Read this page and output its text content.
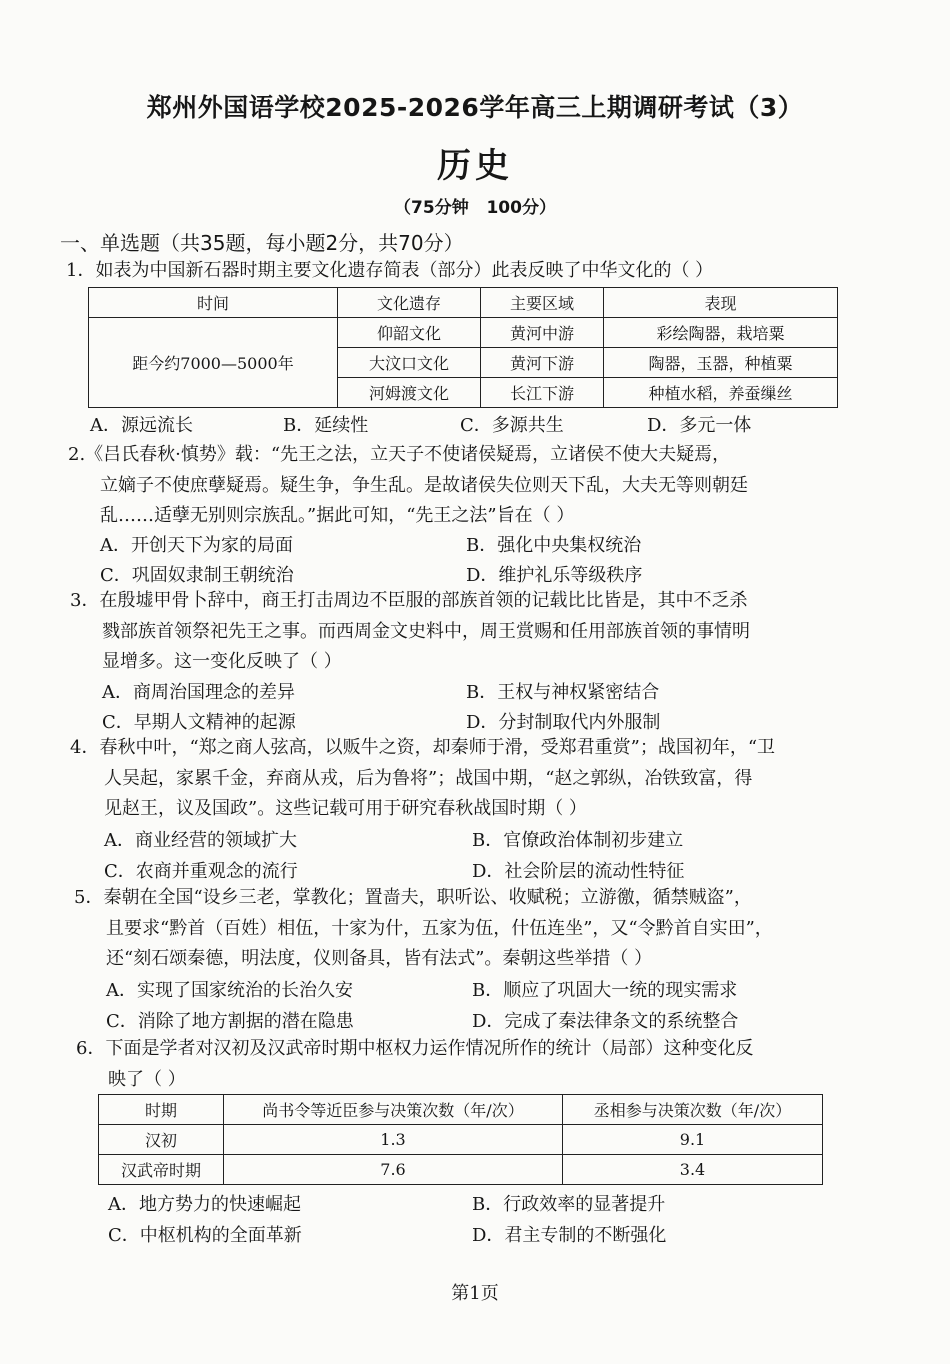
郑州外国语学校2025-2026学年高三上期调研考试（3）
历史
（75分钟   100分）
一、单选题（共35题，每小题2分，共70分）
1．如表为中国新石器时期主要文化遗存简表（部分）此表反映了中华文化的（ ）
时间	文化遗存	主要区域	表现
距今约7000—5000年	仰韶文化	黄河中游	彩绘陶器，栽培粟
	大汶口文化	黄河下游	陶器，玉器，种植粟
	河姆渡文化	长江下游	种植水稻，养蚕缫丝
A．源远流长	B．延续性	C．多源共生	D．多元一体
2.《吕氏春秋·慎势》载：“先王之法，立天子不使诸侯疑焉，立诸侯不使大夫疑焉，
立嫡子不使庶孽疑焉。疑生争，争生乱。是故诸侯失位则天下乱，大夫无等则朝廷
乱……适孽无别则宗族乱。”据此可知，“先王之法”旨在（ ）
A．开创天下为家的局面	B．强化中央集权统治
C．巩固奴隶制王朝统治	D．维护礼乐等级秩序
3．在殷墟甲骨卜辞中，商王打击周边不臣服的部族首领的记载比比皆是，其中不乏杀
戮部族首领祭祀先王之事。而西周金文史料中，周王赏赐和任用部族首领的事情明
显增多。这一变化反映了（ ）
A．商周治国理念的差异	B．王权与神权紧密结合
C．早期人文精神的起源	D．分封制取代内外服制
4．春秋中叶，“郑之商人弦高，以贩牛之资，却秦师于滑，受郑君重赏”；战国初年，“卫
人吴起，家累千金，弃商从戎，后为鲁将”；战国中期，“赵之郭纵，冶铁致富，得
见赵王，议及国政”。这些记载可用于研究春秋战国时期（ ）
A．商业经营的领域扩大	B．官僚政治体制初步建立
C．农商并重观念的流行	D．社会阶层的流动性特征
5．秦朝在全国“设乡三老，掌教化；置啬夫，职听讼、收赋税；立游徼，循禁贼盗”，
且要求“黔首（百姓）相伍，十家为什，五家为伍，什伍连坐”，又“令黔首自实田”，
还“刻石颂秦德，明法度，仪则备具，皆有法式”。秦朝这些举措（ ）
A．实现了国家统治的长治久安	B．顺应了巩固大一统的现实需求
C．消除了地方割据的潜在隐患	D．完成了秦法律条文的系统整合
6．下面是学者对汉初及汉武帝时期中枢权力运作情况所作的统计（局部）这种变化反
映了（ ）
时期	尚书令等近臣参与决策次数（年/次）	丞相参与决策次数（年/次）
汉初	1.3	9.1
汉武帝时期	7.6	3.4
A．地方势力的快速崛起	B．行政效率的显著提升
C．中枢机构的全面革新	D．君主专制的不断强化
第1页
